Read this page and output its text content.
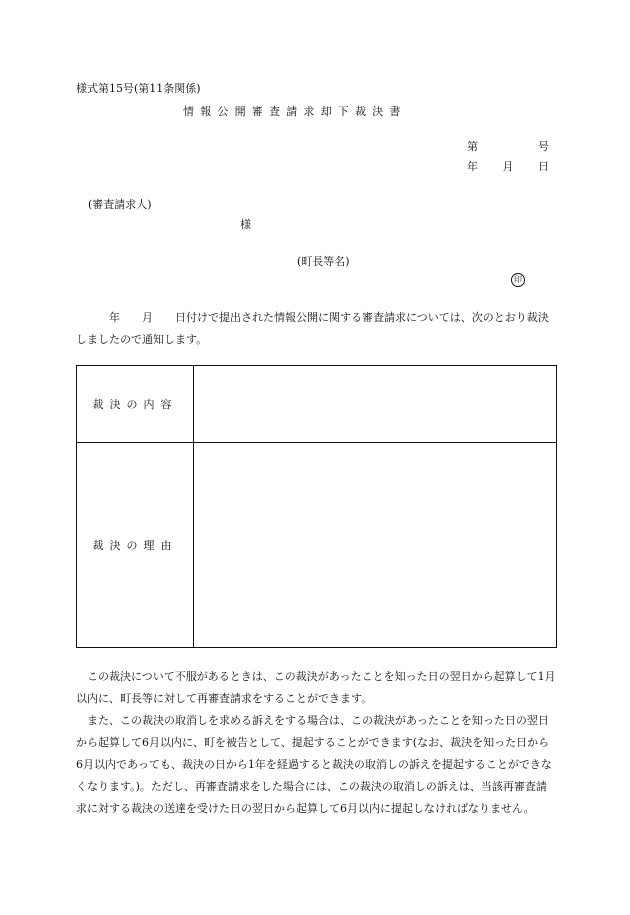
様式第15号(第11条関係)
情報公開審査請求却下裁決書
第	号
年 月 日
(審査請求人)
様
(町長等名)
印
　　　年　　月　　日付けで提出された情報公開に関する審査請求については、次のとおり裁決しましたので通知します。
裁決の内容	
裁決の理由	

この裁決について不服があるときは、この裁決があったことを知った日の翌日から起算して1月以内に、町長等に対して再審査請求をすることができます。

また、この裁決の取消しを求める訴えをする場合は、この裁決があったことを知った日の翌日から起算して6月以内に、町を被告として、提起することができます(なお、裁決を知った日から6月以内であっても、裁決の日から1年を経過すると裁決の取消しの訴えを提起することができなくなります。)。ただし、再審査請求をした場合には、この裁決の取消しの訴えは、当該再審査請求に対する裁決の送達を受けた日の翌日から起算して6月以内に提起しなければなりません。
